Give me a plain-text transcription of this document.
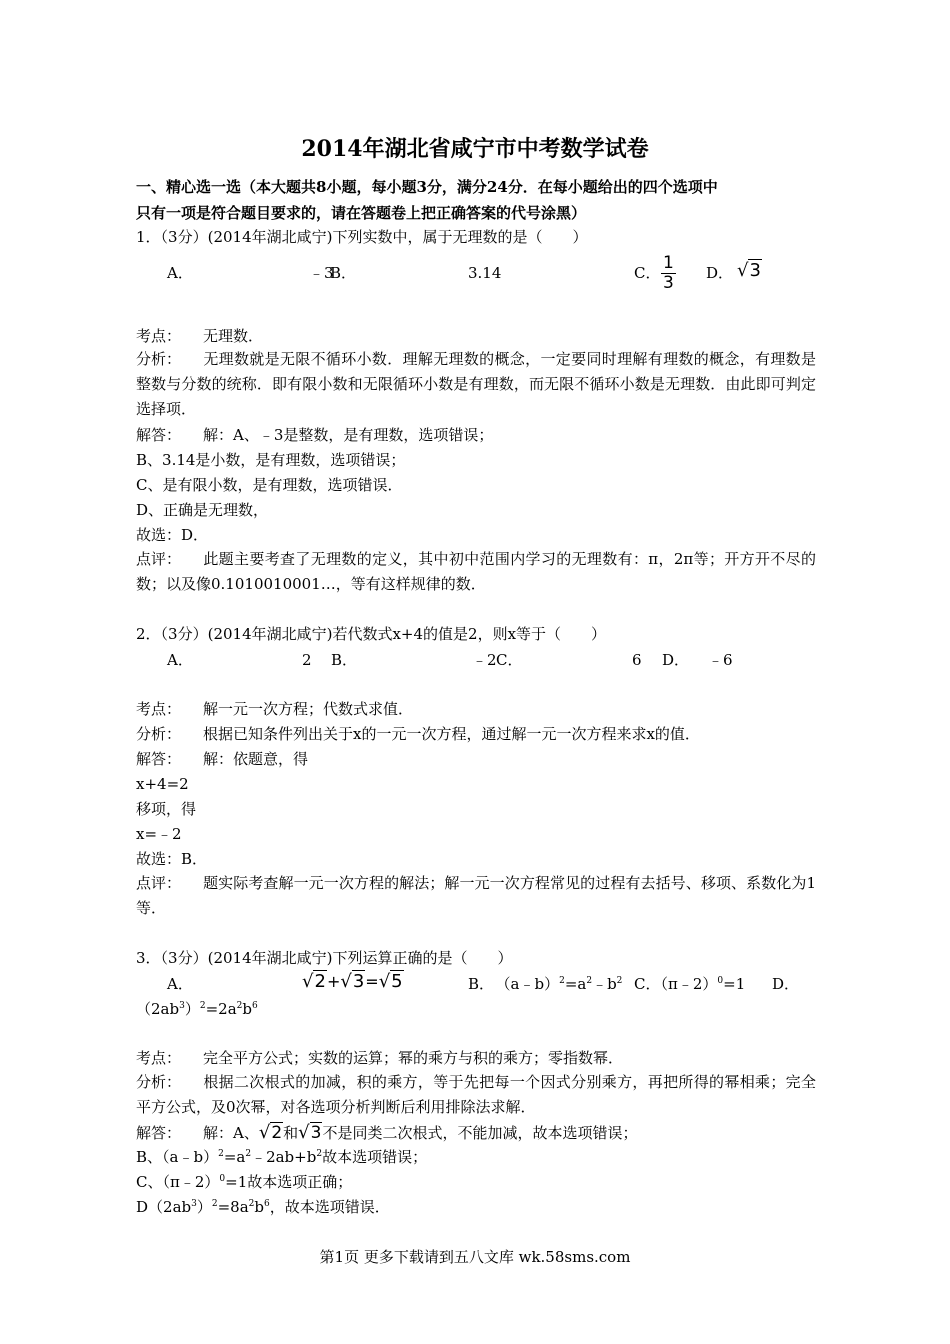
2014年湖北省咸宁市中考数学试卷
一、精心选一选（本大题共8小题，每小题3分，满分24分．在每小题给出的四个选项中
只有一项是符合题目要求的，请在答题卷上把正确答案的代号涂黑）
1．（3分）(2014年湖北咸宁)下列实数中，属于无理数的是（　　）
A．	﹣3
B．	3.14	C． $\frac{1}{3}$ D． √3
考点： 无理数．
分析： 无理数就是无限不循环小数．理解无理数的概念，一定要同时理解有理数的概念，有理数是整数与分数的统称．即有限小数和无限循环小数是有理数，而无限不循环小数是无理数．由此即可判定选择项．
解答： 解：A、﹣3是整数，是有理数，选项错误；
B、3.14是小数，是有理数，选项错误；
C、是有限小数，是有理数，选项错误．
D、正确是无理数，
故选：D．
点评： 此题主要考查了无理数的定义，其中初中范围内学习的无理数有：π，2π等；开方开不尽的数；以及像0.1010010001…，等有这样规律的数．
2．（3分）(2014年湖北咸宁)若代数式x+4的值是2，则x等于（　　）
A．	2 B．	﹣2 C．	6 D． ﹣6
考点： 解一元一次方程；代数式求值．
分析： 根据已知条件列出关于x的一元一次方程，通过解一元一次方程来求x的值．
解答： 解：依题意，得
x+4=2
移项，得
x=﹣2
故选：B．
点评： 题实际考查解一元一次方程的解法；解一元一次方程常见的过程有去括号、移项、系数化为1等．
3．（3分）(2014年湖北咸宁)下列运算正确的是（　　）
A．	√2+√3=√5	B．  $(a﹣b)^2=a^2﹣b^2$ C．（π﹣2）$^0$=1 D．
$(2ab^3)^2=2a^2b^6$
考点： 完全平方公式；实数的运算；幂的乘方与积的乘方；零指数幂．
分析： 根据二次根式的加减，积的乘方，等于先把每一个因式分别乘方，再把所得的幂相乘；完全平方公式，及0次幂，对各选项分析判断后利用排除法求解．
解答： 解：A、√2和√3不是同类二次根式，不能加减，故本选项错误；
B、$(a﹣b)^2=a^2﹣2ab+b^2$故本选项错误；
C、（π﹣2）$^0$=1故本选项正确；
$D(2ab^3)^2=8a^2b^6$，故本选项错误．
第1页 更多下载请到五八文库 wk.58sms.com
